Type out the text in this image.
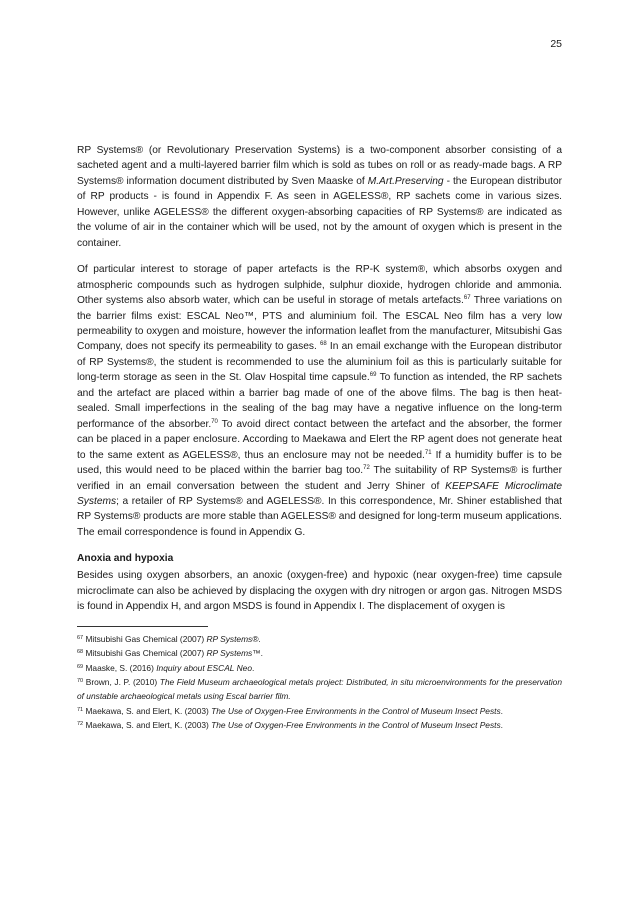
25

RP Systems® (or Revolutionary Preservation Systems) is a two-component absorber consisting of a sacheted agent and a multi-layered barrier film which is sold as tubes on roll or as ready-made bags. A RP Systems® information document distributed by Sven Maaske of M.Art.Preserving - the European distributor of RP products - is found in Appendix F. As seen in AGELESS®, RP sachets come in various sizes. However, unlike AGELESS® the different oxygen-absorbing capacities of RP Systems® are indicated as the volume of air in the container which will be used, not by the amount of oxygen which is present in the container.

Of particular interest to storage of paper artefacts is the RP-K system®, which absorbs oxygen and atmospheric compounds such as hydrogen sulphide, sulphur dioxide, hydrogen chloride and ammonia. Other systems also absorb water, which can be useful in storage of metals artefacts.$^{67}$ Three variations on the barrier films exist: ESCAL Neo™, PTS and aluminium foil. The ESCAL Neo film has a very low permeability to oxygen and moisture, however the information leaflet from the manufacturer, Mitsubishi Gas Company, does not specify its permeability to gases. $^{68}$ In an email exchange with the European distributor of RP Systems®, the student is recommended to use the aluminium foil as this is particularly suitable for long-term storage as seen in the St. Olav Hospital time capsule.$^{69}$ To function as intended, the RP sachets and the artefact are placed within a barrier bag made of one of the above films. The bag is then heat-sealed. Small imperfections in the sealing of the bag may have a negative influence on the long-term performance of the absorber.$^{70}$ To avoid direct contact between the artefact and the absorber, the former can be placed in a paper enclosure. According to Maekawa and Elert the RP agent does not generate heat to the same extent as AGELESS®, thus an enclosure may not be needed.$^{71}$ If a humidity buffer is to be used, this would need to be placed within the barrier bag too.$^{72}$ The suitability of RP Systems® is further verified in an email conversation between the student and Jerry Shiner of KEEPSAFE Microclimate Systems; a retailer of RP Systems® and AGELESS®. In this correspondence, Mr. Shiner established that RP Systems® products are more stable than AGELESS® and designed for long-term museum applications. The email correspondence is found in Appendix G.

Anoxia and hypoxia

Besides using oxygen absorbers, an anoxic (oxygen-free) and hypoxic (near oxygen-free) time capsule microclimate can also be achieved by displacing the oxygen with dry nitrogen or argon gas. Nitrogen MSDS is found in Appendix H, and argon MSDS is found in Appendix I. The displacement of oxygen is

$^{67}$ Mitsubishi Gas Chemical (2007) RP Systems®.

$^{68}$ Mitsubishi Gas Chemical (2007) RP Systems™.

$^{69}$ Maaske, S. (2016) Inquiry about ESCAL Neo.

$^{70}$ Brown, J. P. (2010) The Field Museum archaeological metals project: Distributed, in situ microenvironments for the preservation of unstable archaeological metals using Escal barrier film.

$^{71}$ Maekawa, S. and Elert, K. (2003) The Use of Oxygen-Free Environments in the Control of Museum Insect Pests.

$^{72}$ Maekawa, S. and Elert, K. (2003) The Use of Oxygen-Free Environments in the Control of Museum Insect Pests.
